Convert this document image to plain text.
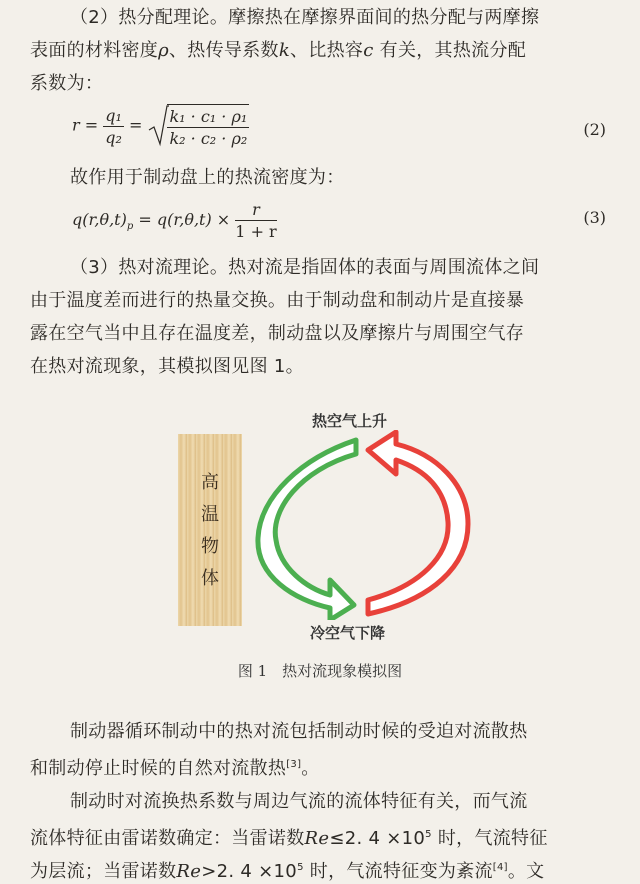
（2）热分配理论。摩擦热在摩擦界面间的热分配与两摩擦
表面的材料密度ρ、热传导系数k、比热容c 有关，其热流分配
系数为：
$r = \frac{\text{q₁}}{\text{q₂}} = \frac{\text{k₁ · c₁ · ρ₁}}{\text{k₂ · c₂ · ρ₂}}$	(2)
故作用于制动盘上的热流密度为：
$q(r,\theta,t)_p = q(r,\theta,t) \times \frac{r}{1 + r}$	(3)
（3）热对流理论。热对流是指固体的表面与周围流体之间
由于温度差而进行的热量交换。由于制动盘和制动片是直接暴
露在空气当中且存在温度差，制动盘以及摩擦片与周围空气存
在热对流现象，其模拟图见图 1。
热空气上升
高
温
物
体
冷空气下降
图 1　热对流现象模拟图
制动器循环制动中的热对流包括制动时候的受迫对流散热
和制动停止时候的自然对流散热[3]。
制动时对流换热系数与周边气流的流体特征有关，而气流
流体特征由雷诺数确定：当雷诺数Re≤2. $4 \times 10^5$ 时，气流特征
为层流；当雷诺数Re>2. $4 \times 10^5$ 时，气流特征变为紊流[4]。文
